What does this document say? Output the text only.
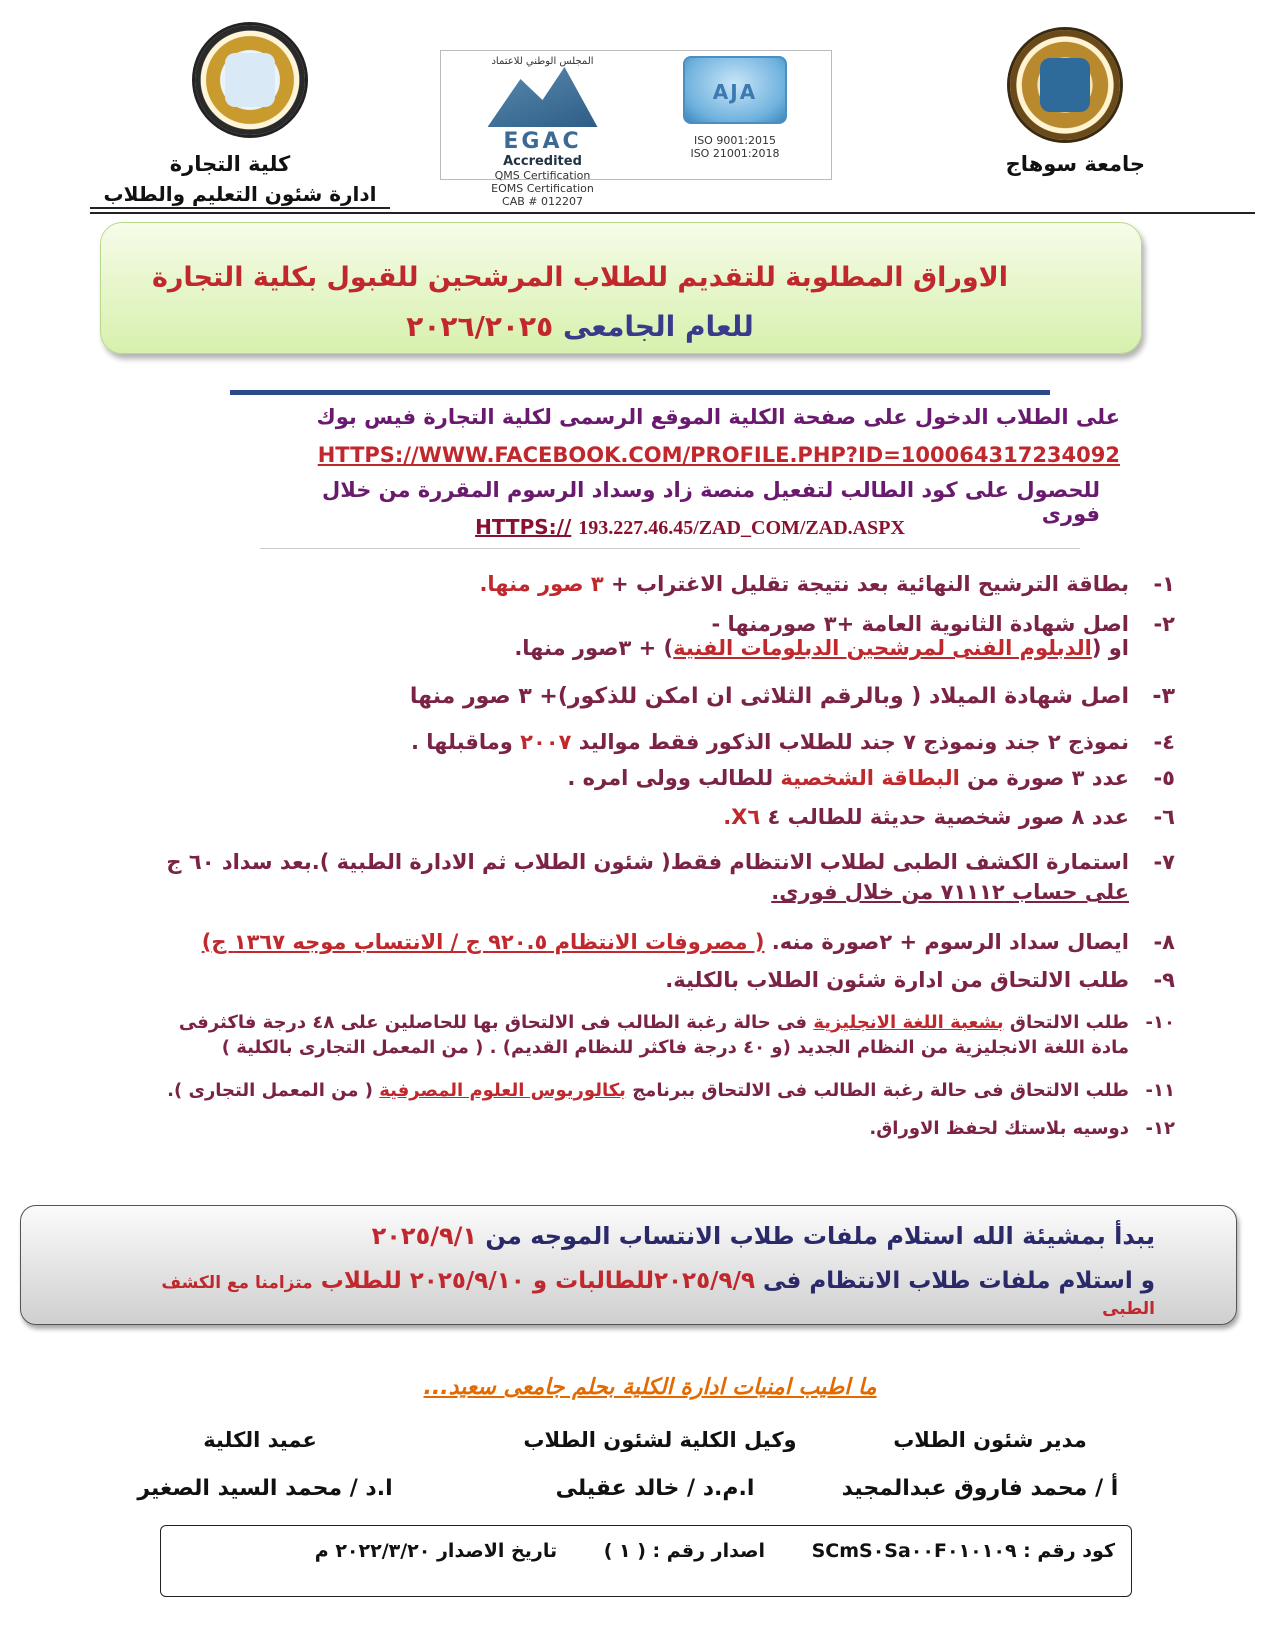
المجلس الوطني للاعتماد
EGAC
Accredited
QMS Certification
EOMS Certification
CAB # 012207
AJA
ISO 9001:2015
ISO 21001:2018	جامعة سوهاج
كلية التجارة
ادارة شئون التعليم والطلاب
الاوراق المطلوبة للتقديم للطلاب المرشحين للقبول بكلية التجارة
للعام الجامعى ٢٠٢٦/٢٠٢٥
على الطلاب الدخول على صفحة الكلية الموقع الرسمى لكلية التجارة فيس بوك
HTTPS://WWW.FACEBOOK.COM/PROFILE.PHP?ID=100064317234092
للحصول على كود الطالب لتفعيل منصة زاد وسداد الرسوم المقررة من خلال فورى
HTTPS:// 193.227.46.45/ZAD_COM/ZAD.ASPX
١-بطاقة الترشيح النهائية بعد نتيجة تقليل الاغتراب + ٣ صور منها.
٢-اصل شهادة الثانوية العامة +٣ صورمنها -
او (الدبلوم الفنى لمرشحين الدبلومات الفنية) + ٣صور منها.
٣-اصل شهادة الميلاد ( وبالرقم الثلاثى ان امكن للذكور)+ ٣ صور منها
٤-نموذج ٢ جند ونموذج ٧ جند للطلاب الذكور فقط مواليد ٢٠٠٧ وماقبلها .
٥-عدد ٣ صورة من البطاقة الشخصية للطالب وولى امره .
٦-عدد ٨ صور شخصية حديثة للطالب ٤ X٦.
٧-استمارة الكشف الطبى لطلاب الانتظام فقط( شئون الطلاب ثم الادارة الطبية ).بعد سداد ٦٠ ج
على حساب ٧١١١٢ من خلال فورى.
٨-ايصال سداد الرسوم + ٢صورة منه. ( مصروفات الانتظام ٩٢٠.٥ ج / الانتساب موجه ١٣٦٧ ج)
٩-طلب الالتحاق من ادارة شئون الطلاب بالكلية.
١٠-طلب الالتحاق بشعبة اللغة الانجليزية فى حالة رغبة الطالب فى الالتحاق بها للحاصلين على ٤٨ درجة فاكثرفى
مادة اللغة الانجليزية من النظام الجديد (و ٤٠ درجة فاكثر للنظام القديم) . ( من المعمل التجارى بالكلية )
١١-طلب الالتحاق فى حالة رغبة الطالب فى الالتحاق ببرنامج بكالوريوس العلوم المصرفية ( من المعمل التجارى ).
١٢-دوسيه بلاستك لحفظ الاوراق.
يبدأ بمشيئة الله استلام ملفات طلاب الانتساب الموجه من ٢٠٢٥/٩/١
و استلام ملفات طلاب الانتظام فى ٢٠٢٥/٩/٩للطالبات و ٢٠٢٥/٩/١٠ للطلاب متزامنا مع الكشف الطبى
ما اطيب امنيات ادارة الكلية بحلم جامعى سعيد...
مدير شئون الطلاب
وكيل الكلية لشئون الطلاب
عميد الكلية
أ / محمد فاروق عبدالمجيد
ا.م.د / خالد عقيلى
ا.د / محمد السيد الصغير
كود رقم : SCmS٠Sa٠٠F٠١٠١٠٩ اصدار رقم : ( ١ ) تاريخ الاصدار ٢٠٢٢/٣/٢٠ م
